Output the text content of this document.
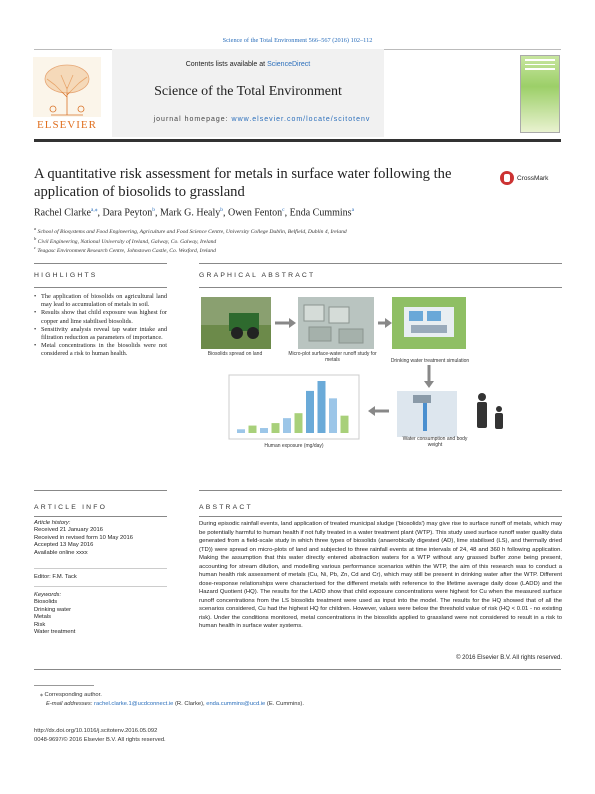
Science of the Total Environment 566–567 (2016) 102–112
Contents lists available at ScienceDirect
Science of the Total Environment
journal homepage: www.elsevier.com/locate/scitotenv
ELSEVIER
A quantitative risk assessment for metals in surface water following the application of biosolids to grassland
CrossMark
Rachel Clarke$^{a,⁎}$, Dara Peyton$^b$, Mark G. Healy$^b$, Owen Fenton$^c$, Enda Cummins$^a$
$^a$ School of Biosystems and Food Engineering, Agriculture and Food Science Centre, University College Dublin, Belfield, Dublin 4, Ireland
$^b$ Civil Engineering, National University of Ireland, Galway, Co. Galway, Ireland
$^c$ Teagasc Environment Research Centre, Johnstown Castle, Co. Wexford, Ireland
HIGHLIGHTS
• The application of biosolids on agricultural land may lead to accumulation of metals in soil.
• Results show that child exposure was highest for copper and lime stabilised biosolids.
• Sensitivity analysis reveal tap water intake and filtration reduction as parameters of importance.
• Metal concentrations in the biosolids were not considered a risk to human health.
GRAPHICAL ABSTRACT
Biosolids spread on land	Micro-plot surface-water runoff study for metals	Drinking water treatment simulation
Human exposure (mg/day)
Water consumption and body weight
ARTICLE INFO
Article history:
Received 21 January 2016
Received in revised form 10 May 2016
Accepted 13 May 2016
Available online xxxx
Editor: F.M. Tack
Keywords:
Biosolids
Drinking water
Metals
Risk
Water treatment
ABSTRACT
During episodic rainfall events, land application of treated municipal sludge ('biosolids') may give rise to surface runoff of metals, which may be potentially harmful to human health if not fully treated in a water treatment plant (WTP). This study used surface runoff water quality data generated from a field-scale study in which three types of biosolids (anaerobically digested (AD), lime stabilised (LS), and thermally dried (TD)) were spread on micro-plots of land and subjected to three rainfall events at time intervals of 24, 48 and 360 h following application. Making the assumption that this water directly entered abstraction waters for a WTP without any grassed buffer zone being present, accounting for stream dilution, and modelling various performance scenarios within the WTP, the aim of this research was to conduct a human health risk assessment of metals (Cu, Ni, Pb, Zn, Cd and Cr), which may still be present in drinking water after the WTP. Different dose-response relationships were characterised for the different metals with reference to the lifetime average daily dose (LADD) and the Hazard Quotient (HQ). The results for the LADD show that child exposure concentrations were highest for Cu when the measured surface runoff concentrations from the LS biosolids treatment were used as input into the model. The results for the HQ showed that of all the scenarios considered, Cu had the highest HQ for children. However, values were below the threshold value of risk (HQ < 0.01 - no existing risk). Under the conditions monitored, metal concentrations in the biosolids applied to grassland were not considered to result in a risk to human health in surface water systems.
© 2016 Elsevier B.V. All rights reserved.
⁎ Corresponding author.
E-mail addresses: rachel.clarke.1@ucdconnect.ie (R. Clarke), enda.cummins@ucd.ie (E. Cummins).
http://dx.doi.org/10.1016/j.scitotenv.2016.05.092
0048-9697/© 2016 Elsevier B.V. All rights reserved.
